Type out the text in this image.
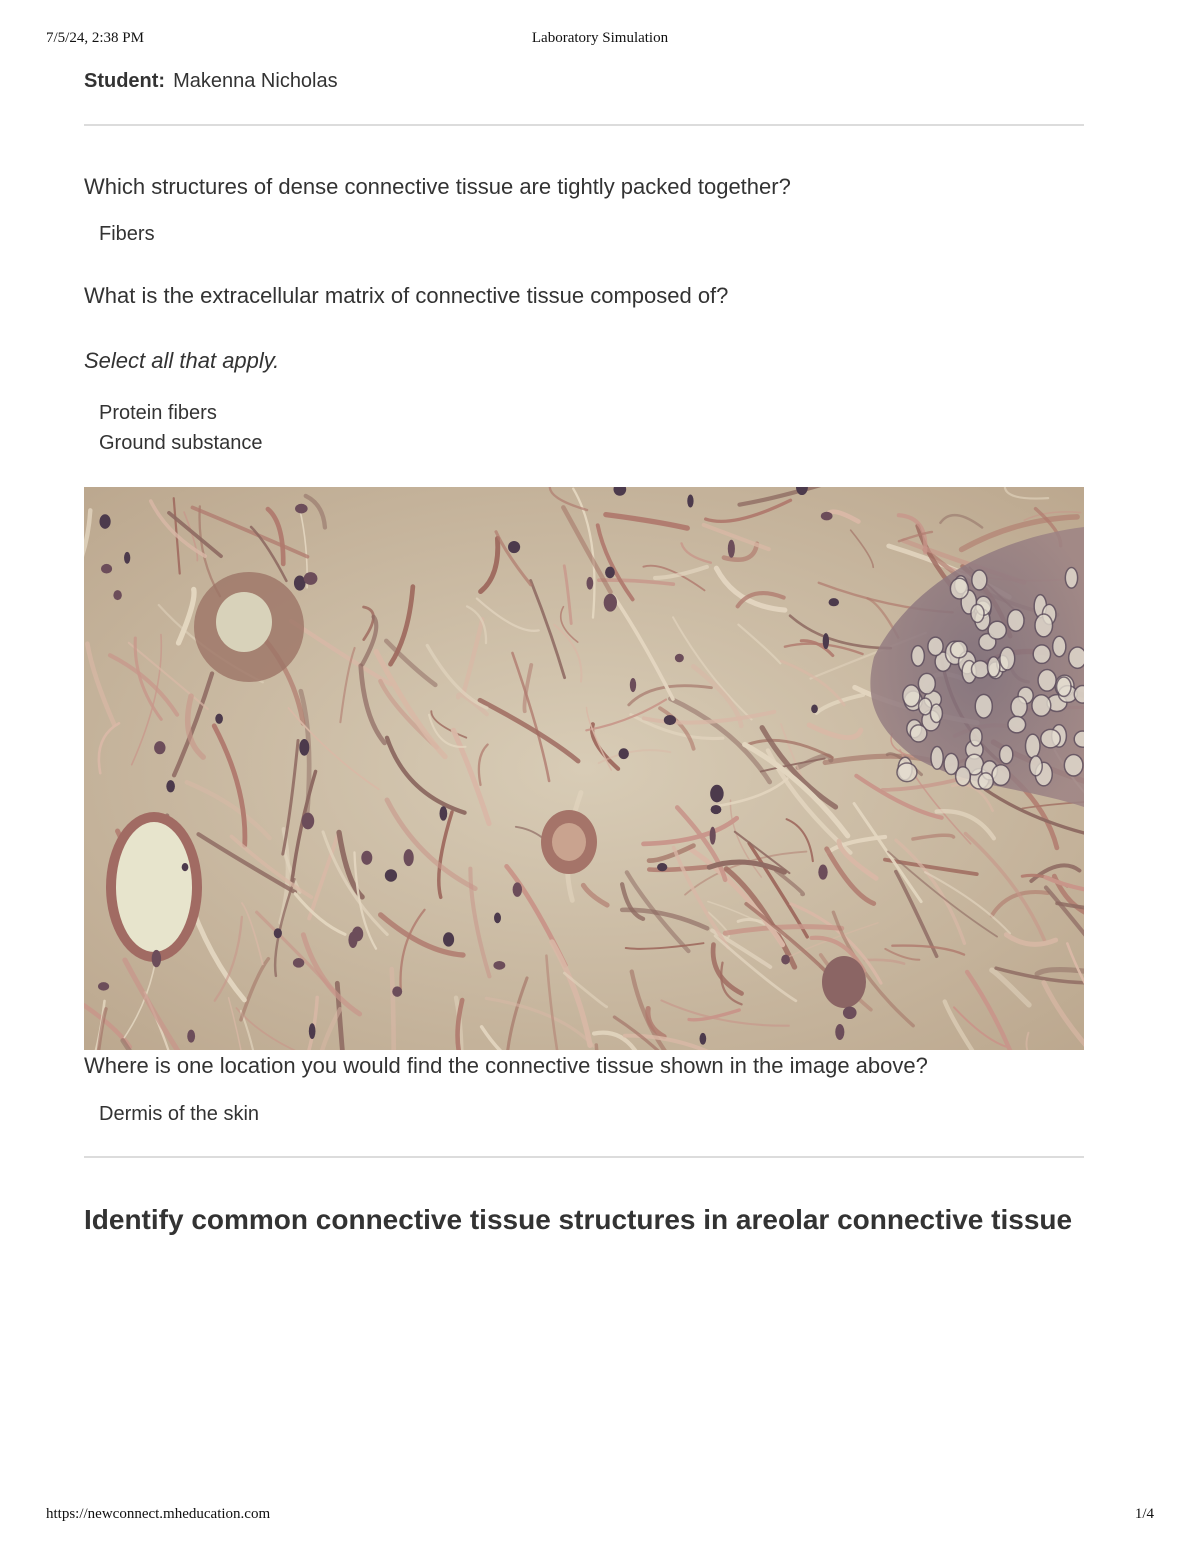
7/5/24, 2:38 PM	Laboratory Simulation
Student: Makenna Nicholas
Which structures of dense connective tissue are tightly packed together?
Fibers
What is the extracellular matrix of connective tissue composed of?
Select all that apply.
Protein fibers
Ground substance
Where is one location you would find the connective tissue shown in the image above?
Dermis of the skin
Identify common connective tissue structures in areolar connective tissue
https://newconnect.mheducation.com	1/4
